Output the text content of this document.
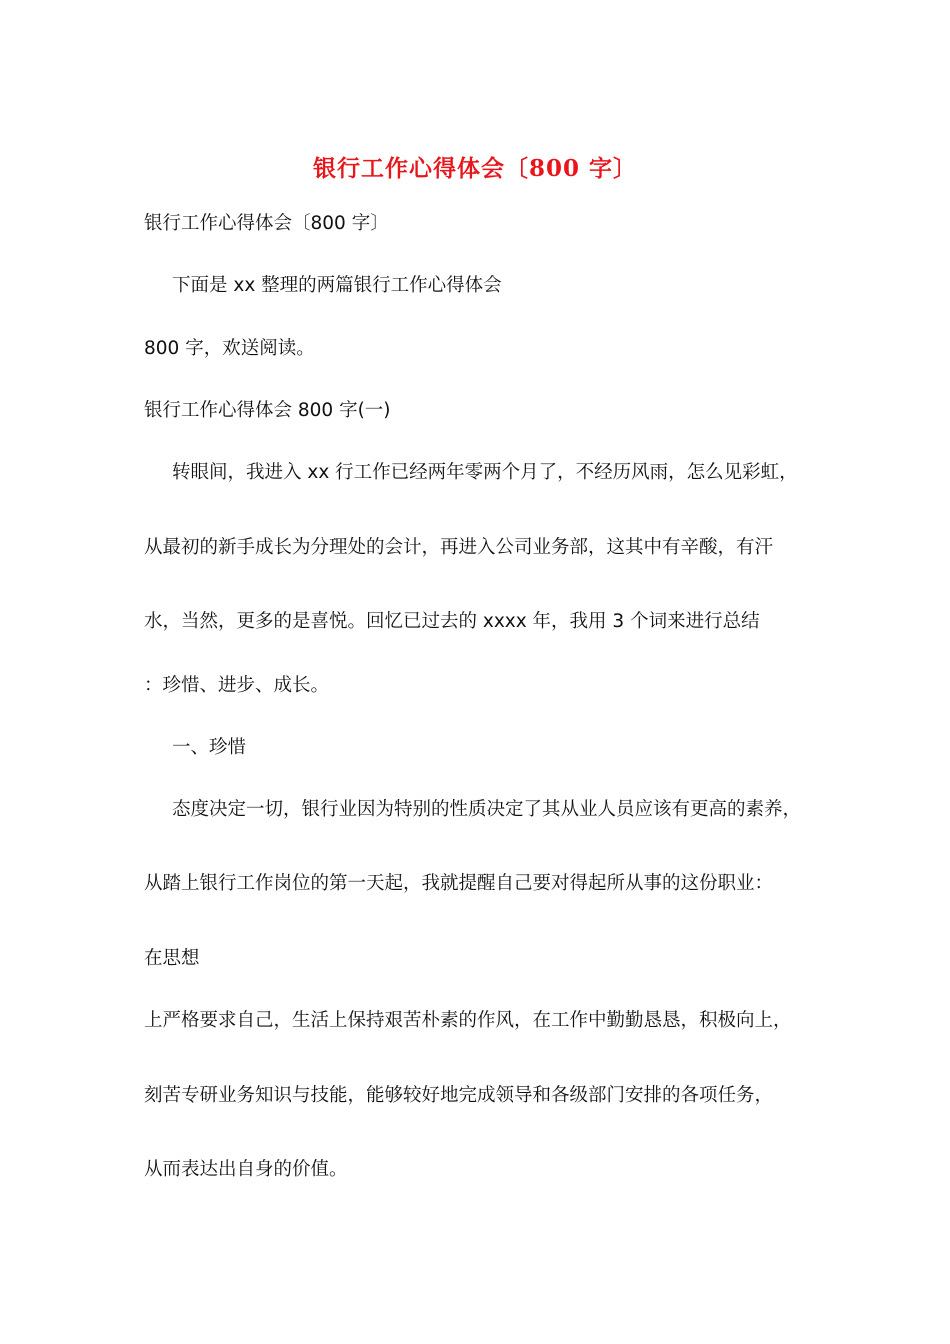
银行工作心得体会〔800 字〕
银行工作心得体会〔800 字〕
下面是 xx 整理的两篇银行工作心得体会
800 字，欢送阅读。
银行工作心得体会 800 字(一)
转眼间，我进入 xx 行工作已经两年零两个月了，不经历风雨，怎么见彩虹，
从最初的新手成长为分理处的会计，再进入公司业务部，这其中有辛酸，有汗
水，当然，更多的是喜悦。回忆已过去的 xxxx 年，我用 3 个词来进行总结
：珍惜、进步、成长。
一、珍惜
态度决定一切，银行业因为特别的性质决定了其从业人员应该有更高的素养，
从踏上银行工作岗位的第一天起，我就提醒自己要对得起所从事的这份职业：
在思想
上严格要求自己，生活上保持艰苦朴素的作风，在工作中勤勤恳恳，积极向上，
刻苦专研业务知识与技能，能够较好地完成领导和各级部门安排的各项任务，
从而表达出自身的价值。
